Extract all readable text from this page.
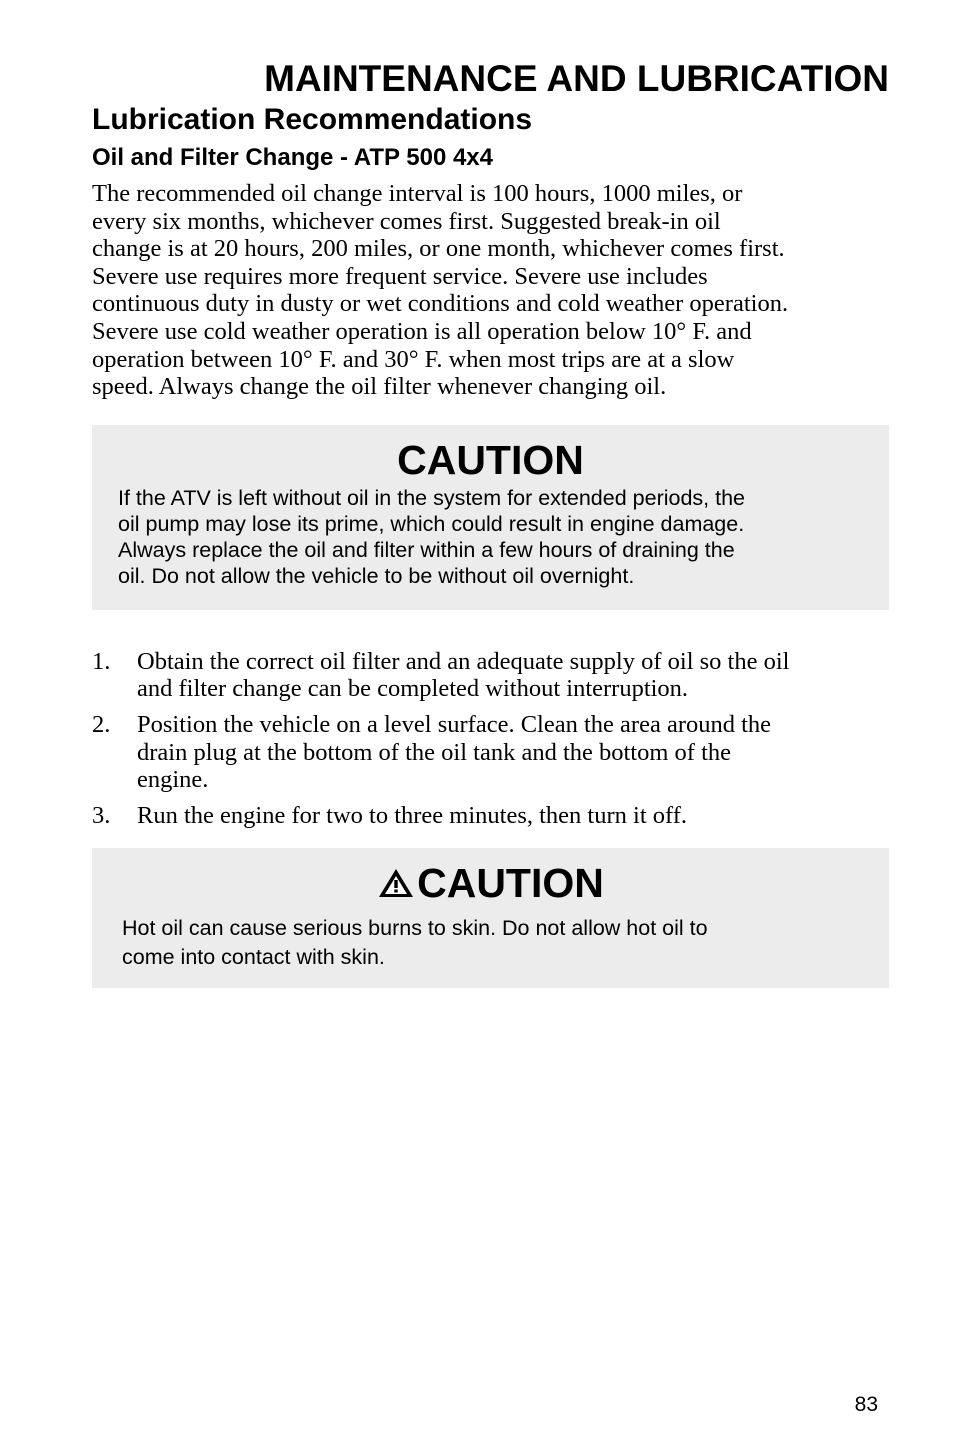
MAINTENANCE AND LUBRICATION
Lubrication Recommendations
Oil and Filter Change - ATP 500 4x4

The recommended oil change interval is 100 hours, 1000 miles, or
every six months, whichever comes first. Suggested break-in oil
change is at 20 hours, 200 miles, or one month, whichever comes first.
Severe use requires more frequent service. Severe use includes
continuous duty in dusty or wet conditions and cold weather operation.
Severe use cold weather operation is all operation below 10° F. and
operation between 10° F. and 30° F. when most trips are at a slow
speed. Always change the oil filter whenever changing oil.

CAUTION

If the ATV is left without oil in the system for extended periods, the
oil pump may lose its prime, which could result in engine damage.
Always replace the oil and filter within a few hours of draining the
oil. Do not allow the vehicle to be without oil overnight.

1.	Obtain the correct oil filter and an adequate supply of oil so the oil
and filter change can be completed without interruption.
2.	Position the vehicle on a level surface. Clean the area around the
drain plug at the bottom of the oil tank and the bottom of the
engine.
3.	Run the engine for two to three minutes, then turn it off.
CAUTION

Hot oil can cause serious burns to skin. Do not allow hot oil to
come into contact with skin.

83
